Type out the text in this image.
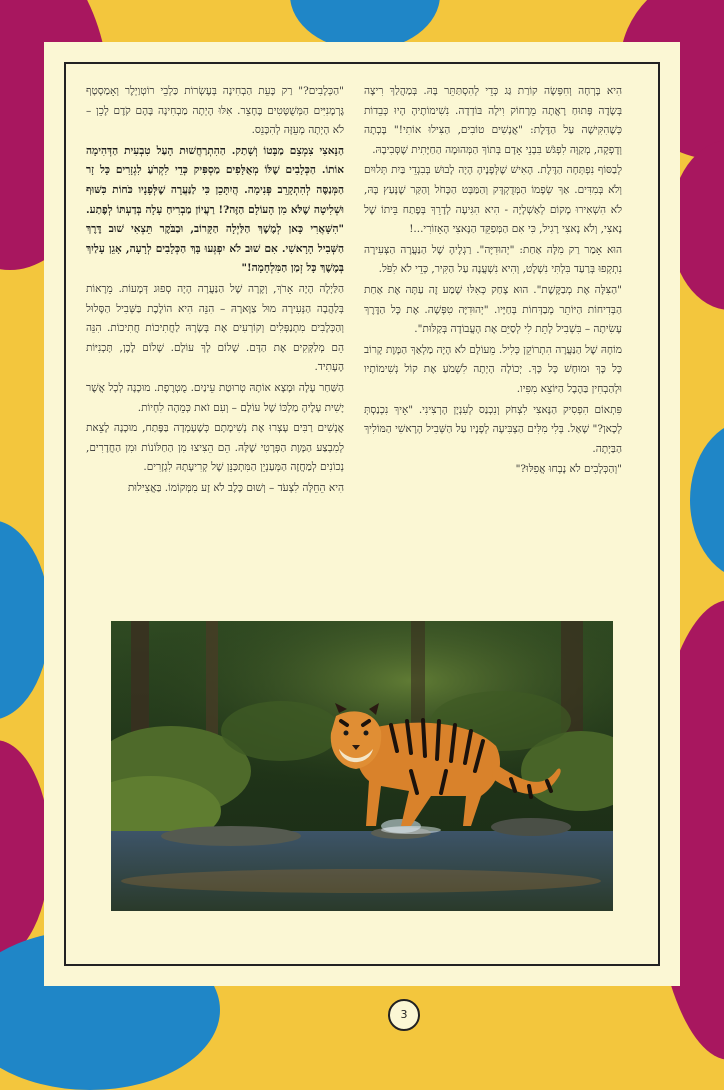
הִיא בָּרְחָה וְחִפְּשָׂה קוֹרַת גַּג כְּדֵי לְהִסְתַּתֵּר בָּהּ. בְּמַהֲלַךְ רִיצָה בְּשָׂדֶה פָּתוּחַ רָאֲתָה מֵרָחוֹק וִילָה בּוֹדְדָה. נִשִׁימוֹתֶיהָ הָיוּ כְּבֵדוֹת כְּשֶׁהִקִּישָׁה עַל הַדֶּלֶת: "אֲנָשִׁים טוֹבִים, הַצִּילוּ אוֹתִי!" בָּכְתָה וְדָפְקָה, מְקַוָּה לִפְגֹּשׁ בִּבְנֵי אָדָם בְּתוֹךְ הַמְּהוּמָה הַחַיָּתִית שֶׁסְּבִיבָהּ.

לְבַסּוֹף נִפְתְּחָה הַדֶּלֶת. הָאִישׁ שֶׁלְּפָנֶיהָ הָיָה לָבוּשׁ בְּבִגְדֵי בַּיִת תְּלוּיִם וְלֹא בְּמִדִּים. אַךְ שְׂפָמוֹ הַמְּדֻקְדָּק וְהַמַּבָּט הַכָּחֹל וְהַקַּר שֶׁנָּעַץ בָּהּ, לֹא הִשְׁאִירוּ מָקוֹם לְאַשְׁלָיָה - הִיא הִגִּיעָה לְדָרֵךְ בְּפֶתַח בֵּיתוֹ שֶׁל נָאצִי, וְלֹא נָאצִי רָגִיל, כִּי אִם הַמְּפַקֵּד הַנָּאצִי הָאֵזוֹרִי...!

הוּא אָמַר רַק מִלָּה אַחַת: "יְהוּדִיָּה". רַגְלֶיהָ שֶׁל הַנַּעֲרָה הַצְּעִירָה נִתְקְפוּ בְּרַעַד בִּלְתִּי נִשְׁלָט, וְהִיא נִשְׁעֲנָה עַל הַקִּיר, כְּדֵי לֹא לִפֹּל.

"הַצִּלָּה אֶת מְבַקֶּשֶׁת". הוּא צָחַק כְּאִלּוּ שָׁמַע זֶה עַתָּה אֶת אַחַת הַבְּדִיחוֹת הַיּוֹתֵר מְבַדְּחוֹת בְּחַיָּיו. "יְהוּדִיָּה טִפְּשָׁה. אֶת כָּל הַדֶּרֶךְ עָשִׂיתָה – בִּשְׁבִיל לָתֵת לִי לְסַיֵּם אֶת הָעֲבוֹדָה בְּקַלּוּת".

מוֹחָהּ שֶׁל הַנַּעֲרָה הִתְרוֹקֵן כְּלִיל. מֵעוֹלָם לֹא הָיָה מַלְאַךְ הַמָּוֶת קָרוֹב כָּל כָּךְ וּמוּחָשׁ כָּל כָּךְ. יְכוֹלָה הָיְתָה לִשְׁמֹעַ אֶת קוֹל נְשִׁימוֹתָיו וּלְהַבְחִין בַּהֶבֶל הַיּוֹצֵא מִפִּיו.

פִּתְאוֹם הִפְסִיק הַנָּאצִי לִצְחֹק וְנִכְנַס לְעִנְיָן הָרְצִינִי. "אֵיךְ נִכְנַסְתְּ לְכָאן?" שָׁאַל. בְּלִי מִלִּים הַצְבִּיעָה לְפָנָיו עַל הַשְּׁבִיל הָרָאשִׁי הַמּוֹלִיךְ הַבַּיְתָה.

"וְהַכְּלָבִים לֹא נָבְחוּ אֲפִלּוּ?"

"הַכְּלָבִים?" רַק כָּעֵת הַבְחִינָה בְּעֶשְׂרוֹת כַּלְבֵי רוֹטְוַיְלֶר וְאָמַסְטָף גֶּרְמָנִיִּים הַמְּשֻׁטָּטִים בֶּחָצֵר. אִלּוּ הָיְתָה מַבְחִינָה בָּהֶם קֹדֶם לָכֵן – לֹא הָיְתָה מְעֵזָּה לְהִכָּנֵס.

הַנָּאצִי צִמְצֵם מַבָּטוֹ וְשָׁתַק. הַהִתְרַחֲשׁוּת הָעַל טִבְעִית הַדְּהִימָה אוֹתוֹ. הַכְּלָבִים שֶׁלּוֹ מְאֻלָּפִים מַסְפִּיק כְּדֵי לִקְרֹעַ לִגְזָרִים כָּל זָר הַמְּנַסֶּה לְהִתְקָרֵב פְּנִימָה. הֲיִתָּכֵן כִּי לַנַּעֲרָה שֶׁלְּפָנָיו כֹּחוֹת כִּשּׁוּף וּשְׁלִיטָה שֶׁלֹּא מִן הָעוֹלָם הַזֶּה?! רַעֲיוֹן מַבְרִיחַ עָלָה בְּדַעְתּוֹ לְפֶתַע. "הִשָּׁאֲרִי כָּאן לְמֶשֶׁךְ הַלַּיְלָה הַקָּרוֹב, וּבַבֹּקֶר תֵּצְאִי שׁוּב דֶּרֶךְ הַשְּׁבִיל הָרָאשִׁי. אִם שׁוּב לֹא יִפְגְּעוּ בָּךְ הַכְּלָבִים לְרָעָה, אָגֵן עָלַיִךְ בְּמֶשֶׁךְ כָּל זְמַן הַמִּלְחָמָה!"

הַלַּיְלָה הָיָה אָרֹךְ, וְקָרָה שֶׁל הַנַּעֲרָה הָיָה סְפוּג דְּמָעוֹת. מֵרָאוֹת בְּלַהֲבָה הַנְּעִירָה מוּל צַוָּארָהּ – הִנֵּה הִיא הוֹלֶכֶת בַּשְּׁבִיל הַסָּלוּל וְהַכְּלָבִים מִתְנַפְּלִים וְקוֹרְעִים אֶת בְּשָׂרָהּ לַחֲתִיכוֹת חֲתִיכוֹת. הִנֵּה הֵם מְלַקְּקִים אֶת הַדָּם. שָׁלוֹם לָךְ עוֹלָם. שָׁלוֹם לָכֶן, תָּכְנִיּוֹת הֶעָתִיד.

הַשַּׁחַר עָלָה וּמָצָא אוֹתָהּ טְרוּטַת עֵינַיִם. מֻטְרֶפֶת. מוּכָנָה לְכָל אֲשֶׁר יָשִׁית עָלֶיהָ מַלְכּוֹ שֶׁל עוֹלָם – וְעִם זֹאת כְּמֵהָה לִחְיוֹת.

אֲנָשִׁים רַבִּים עָצְרוּ אֶת נְשִׁימָתָם כְּשֶׁעָמְדָה בַּפֶּתַח, מוּכָנָה לָצֵאת לְמִבְצַע הַמָּוֶת הַפְּרָטִי שֶׁלָּהּ. הֵם הֵצִיצוּ מִן הַחַלּוֹנוֹת וּמִן הַחֲדָרִים, נְכוֹנִים לְמַחֲזֶה הַמְּעַנְיֵן הַמִּתְכַּנֵּן שֶׁל קְרִיעָתָהּ לִגְזָרִים.

הִיא הֵחֵלָּה לִצְעֹד – וְשׁוּם כֶּלֶב לֹא זָע מִמְּקוֹמוֹ. בַּאֲצִילוּת

3
